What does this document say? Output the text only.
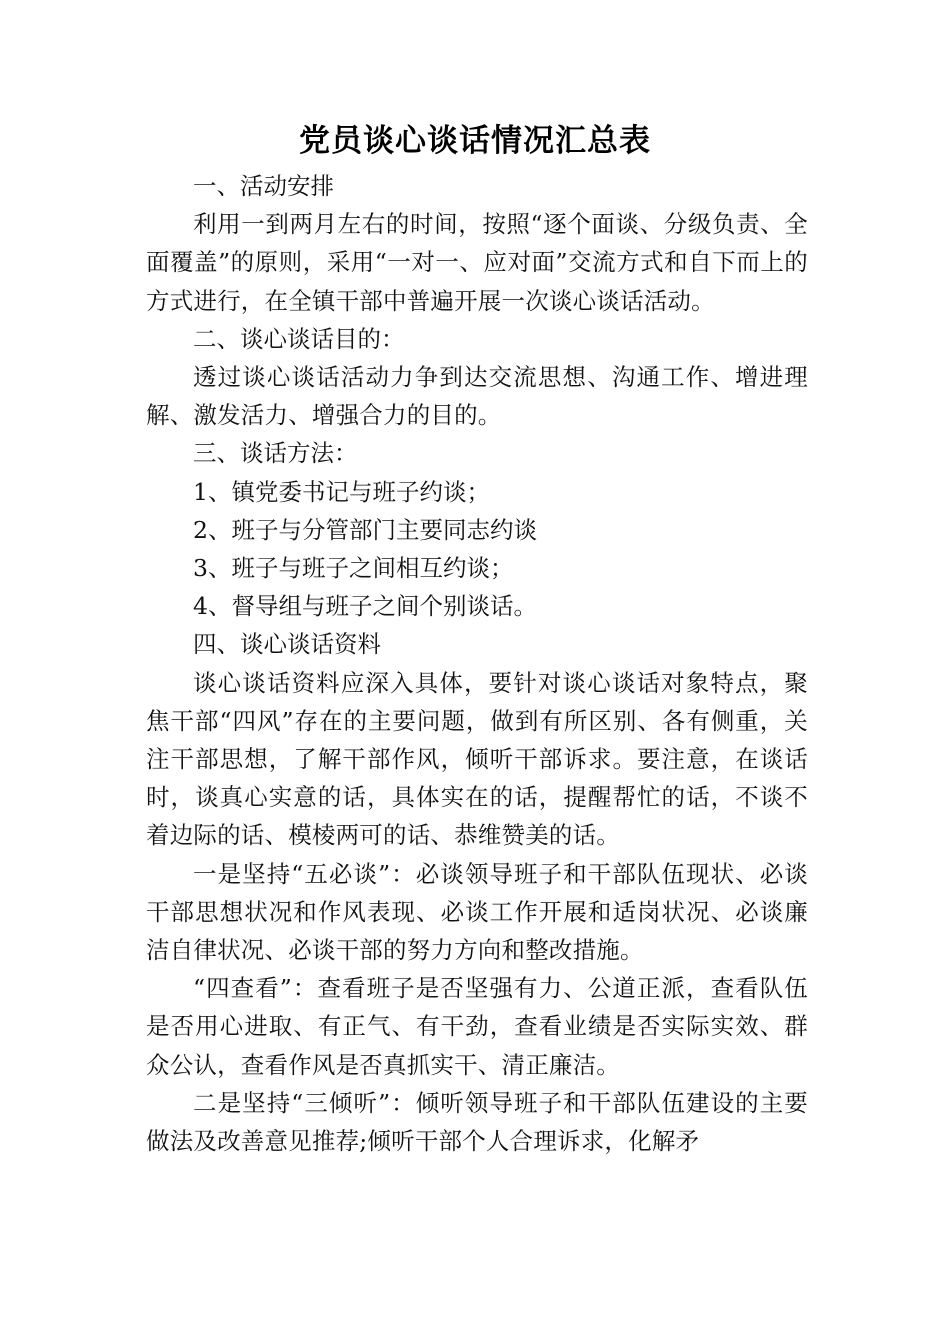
党员谈心谈话情况汇总表

一、活动安排

利用一到两月左右的时间，按照“逐个面谈、分级负责、全面覆盖”的原则，采用“一对一、应对面”交流方式和自下而上的方式进行，在全镇干部中普遍开展一次谈心谈话活动。

二、谈心谈话目的：

透过谈心谈话活动力争到达交流思想、沟通工作、增进理解、激发活力、增强合力的目的。

三、谈话方法：

1、镇党委书记与班子约谈；

2、班子与分管部门主要同志约谈

3、班子与班子之间相互约谈；

4、督导组与班子之间个别谈话。

四、谈心谈话资料

谈心谈话资料应深入具体，要针对谈心谈话对象特点，聚焦干部“四风”存在的主要问题，做到有所区别、各有侧重，关注干部思想，了解干部作风，倾听干部诉求。要注意，在谈话时，谈真心实意的话，具体实在的话，提醒帮忙的话，不谈不着边际的话、模棱两可的话、恭维赞美的话。

一是坚持“五必谈”：必谈领导班子和干部队伍现状、必谈干部思想状况和作风表现、必谈工作开展和适岗状况、必谈廉洁自律状况、必谈干部的努力方向和整改措施。

“四查看”：查看班子是否坚强有力、公道正派，查看队伍是否用心进取、有正气、有干劲，查看业绩是否实际实效、群众公认，查看作风是否真抓实干、清正廉洁。

二是坚持“三倾听”：倾听领导班子和干部队伍建设的主要做法及改善意见推荐;倾听干部个人合理诉求，化解矛
